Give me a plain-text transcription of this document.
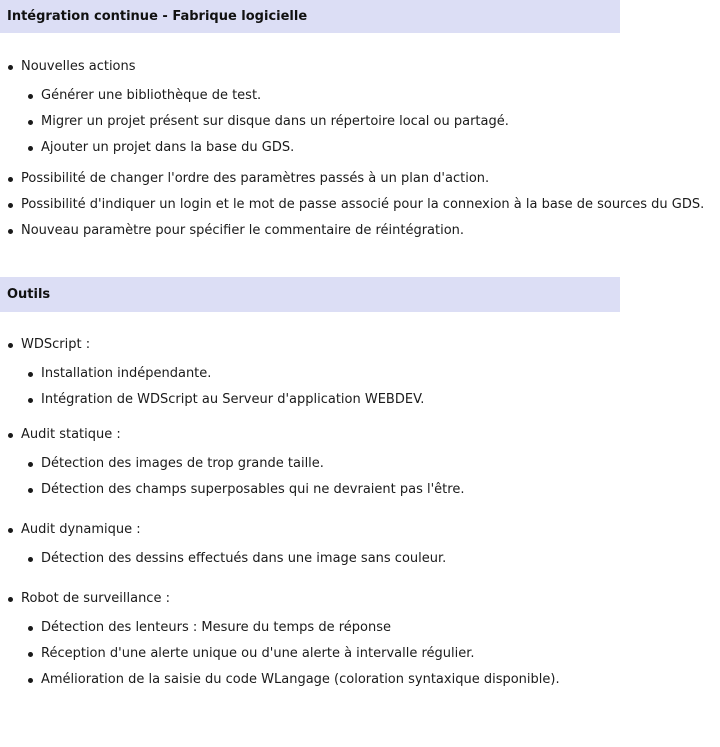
Intégration continue - Fabrique logicielle
Nouvelles actions
Générer une bibliothèque de test.
Migrer un projet présent sur disque dans un répertoire local ou partagé.
Ajouter un projet dans la base du GDS.
Possibilité de changer l'ordre des paramètres passés à un plan d'action.
Possibilité d'indiquer un login et le mot de passe associé pour la connexion à la base de sources du GDS.
Nouveau paramètre pour spécifier le commentaire de réintégration.
Outils
WDScript :
Installation indépendante.
Intégration de WDScript au Serveur d'application WEBDEV.
Audit statique :
Détection des images de trop grande taille.
Détection des champs superposables qui ne devraient pas l'être.
Audit dynamique :
Détection des dessins effectués dans une image sans couleur.
Robot de surveillance :
Détection des lenteurs : Mesure du temps de réponse
Réception d'une alerte unique ou d'une alerte à intervalle régulier.
Amélioration de la saisie du code WLangage (coloration syntaxique disponible).
